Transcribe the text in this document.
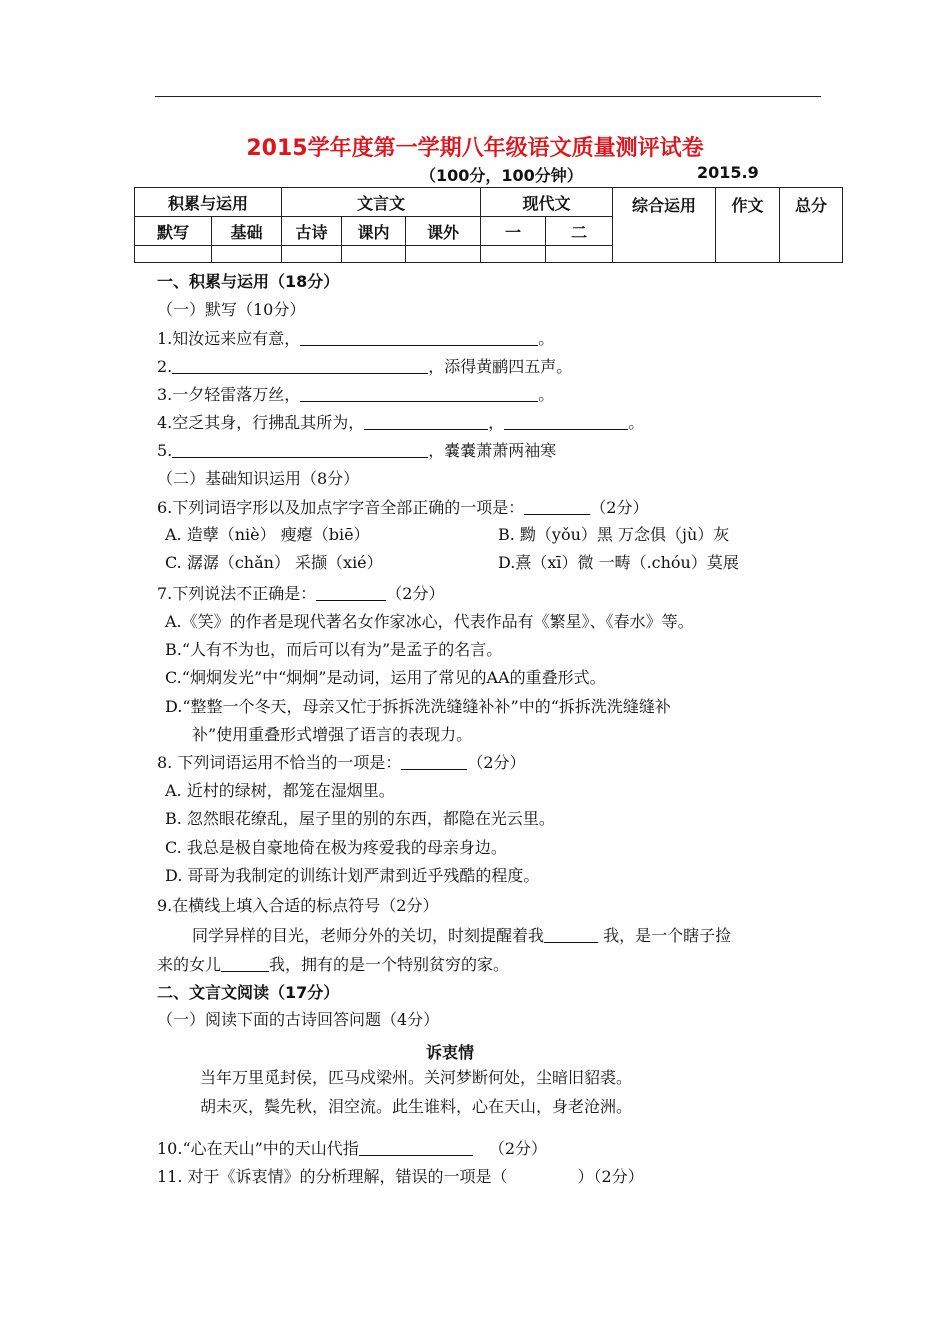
2015学年度第一学期八年级语文质量测评试卷
（100分，100分钟）	2015.9
积累与运用		文言文			现代文		综合运用	作文	总分
默写	基础	古诗	课内	课外	一	二			

一、积累与运用（18分）
（一）默写（10分）
1.知汝远来应有意，	。
2.	，添得黄鹂四五声。
3.一夕轻雷落万丝，	。
4.空乏其身，行拂乱其所为，	，	。
5.	，嚢嚢萧萧两袖寒
（二）基础知识运用（8分）
6.下列词语字形以及加点字字音全部正确的一项是：	（2分）
A. 造孽（niè） 瘦瘪（biē）	B. 黝（yǒu）黑 万念俱（jù）灰
C. 潺潺（chǎn） 采撷（xié）	D.熹（xī）微 一畴（.chóu）莫展
7.下列说法不正确是：	（2分）
A.《笑》的作者是现代著名女作家冰心，代表作品有《繁星》、《春水》等。
B.“人有不为也，而后可以有为”是孟子的名言。
C.“炯炯发光”中“炯炯”是动词，运用了常见的AA的重叠形式。
D.“整整一个冬天，母亲又忙于拆拆洗洗缝缝补补”中的“拆拆洗洗缝缝补
补”使用重叠形式增强了语言的表现力。
8. 下列词语运用不恰当的一项是：	（2分）
A. 近村的绿树，都笼在湿烟里。
B. 忽然眼花缭乱，屋子里的别的东西，都隐在光云里。
C. 我总是极自豪地倚在极为疼爱我的母亲身边。
D. 哥哥为我制定的训练计划严肃到近乎残酷的程度。
9.在横线上填入合适的标点符号（2分）
同学异样的目光，老师分外的关切，时刻提醒着我	我，是一个瞎子捡
来的女儿	我，拥有的是一个特别贫穷的家。
二、文言文阅读（17分）
（一）阅读下面的古诗回答问题（4分）
诉衷情
当年万里觅封侯，匹马戍梁州。关河梦断何处，尘暗旧貂裘。
胡未灭，鬓先秋，泪空流。此生谁料，心在天山，身老沧洲。
10.“心在天山”中的天山代指	（2分）
11. 对于《诉衷情》的分析理解，错误的一项是（	）（2分）
